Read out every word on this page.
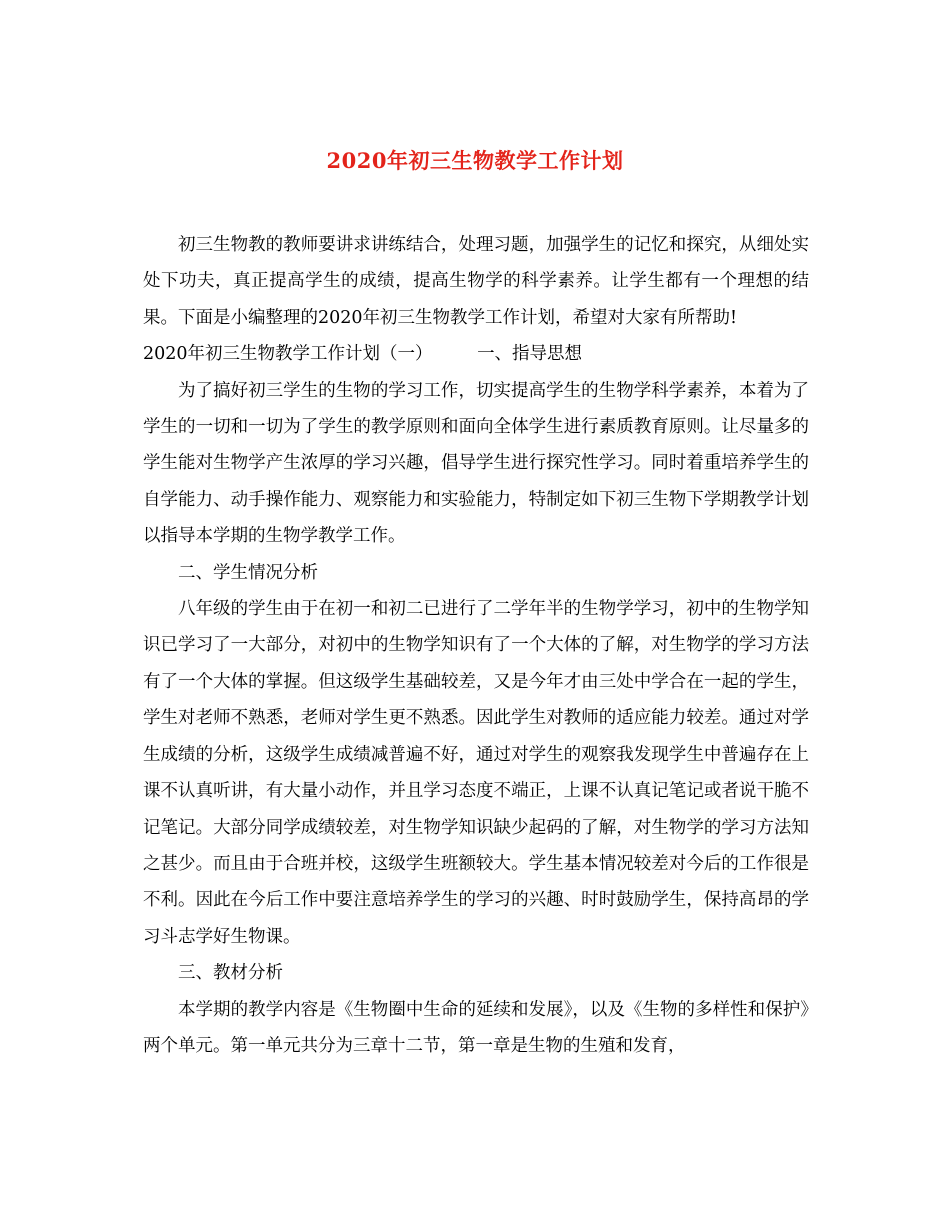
2020年初三生物教学工作计划

初三生物教的教师要讲求讲练结合，处理习题，加强学生的记忆和探究，从细处实处下功夫，真正提高学生的成绩，提高生物学的科学素养。让学生都有一个理想的结果。下面是小编整理的2020年初三生物教学工作计划，希望对大家有所帮助!

2020年初三生物教学工作计划（一）	一、指导思想

为了搞好初三学生的生物的学习工作，切实提高学生的生物学科学素养，本着为了学生的一切和一切为了学生的教学原则和面向全体学生进行素质教育原则。让尽量多的学生能对生物学产生浓厚的学习兴趣，倡导学生进行探究性学习。同时着重培养学生的自学能力、动手操作能力、观察能力和实验能力，特制定如下初三生物下学期教学计划以指导本学期的生物学教学工作。

二、学生情况分析

八年级的学生由于在初一和初二已进行了二学年半的生物学学习，初中的生物学知识已学习了一大部分，对初中的生物学知识有了一个大体的了解，对生物学的学习方法有了一个大体的掌握。但这级学生基础较差，又是今年才由三处中学合在一起的学生，学生对老师不熟悉，老师对学生更不熟悉。因此学生对教师的适应能力较差。通过对学生成绩的分析，这级学生成绩减普遍不好，通过对学生的观察我发现学生中普遍存在上课不认真听讲，有大量小动作，并且学习态度不端正，上课不认真记笔记或者说干脆不记笔记。大部分同学成绩较差，对生物学知识缺少起码的了解，对生物学的学习方法知之甚少。而且由于合班并校，这级学生班额较大。学生基本情况较差对今后的工作很是不利。因此在今后工作中要注意培养学生的学习的兴趣、时时鼓励学生，保持高昂的学习斗志学好生物课。

三、教材分析

本学期的教学内容是《生物圈中生命的延续和发展》，以及《生物的多样性和保护》两个单元。第一单元共分为三章十二节，第一章是生物的生殖和发育，
